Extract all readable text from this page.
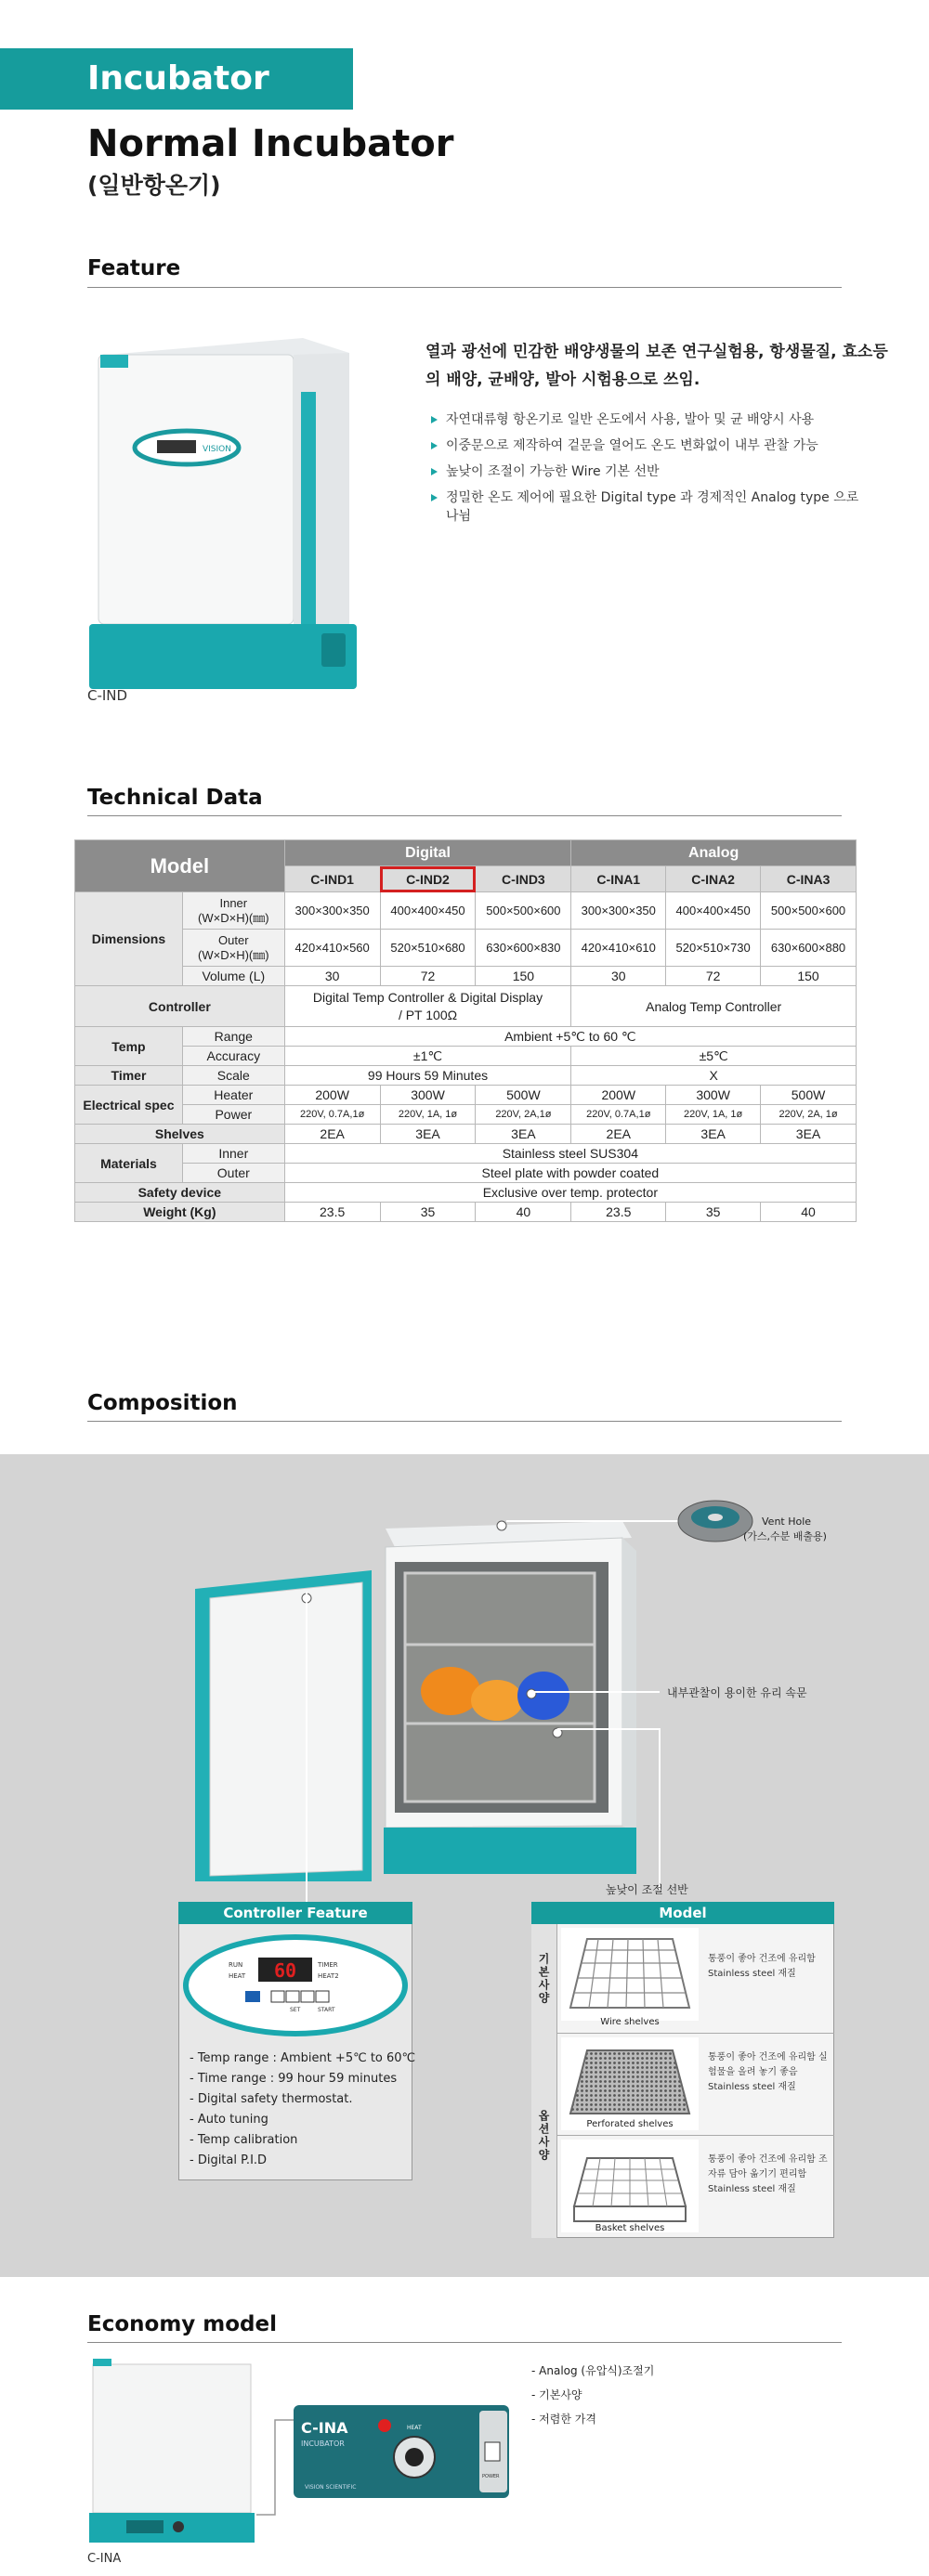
Incubator
Normal Incubator
(일반항온기)
Feature
VISION
C-IND
열과 광선에 민감한 배양생물의 보존 연구실험용, 항생물질, 효소등의 배양, 균배양, 발아 시험용으로 쓰임.
자연대류형 항온기로 일반 온도에서 사용, 발아 및 균 배양시 사용
이중문으로 제작하여 겉문을 열어도 온도 변화없이 내부 관찰 가능
높낮이 조절이 가능한 Wire 기본 선반
정밀한 온도 제어에 필요한 Digital type 과 경제적인 Analog type 으로 나뉨
Technical Data
Model		Digital			Analog		
		C-IND1	C-IND2	C-IND3	C-INA1	C-INA2	C-INA3
Dimensions	Inner
(W×D×H)(㎜)	300×300×350	400×400×450	500×500×600	300×300×350	400×400×450	500×500×600
	Outer
(W×D×H)(㎜)	420×410×560	520×510×680	630×600×830	420×410×610	520×510×730	630×600×880
	Volume (L)	30	72	150	30	72	150
Controller		Digital Temp Controller & Digital Display
/ PT 100Ω			Analog Temp Controller		
Temp	Range	Ambient +5℃ to 60 ℃					
	Accuracy	±1℃			±5℃		
Timer	Scale	99 Hours 59 Minutes			X		
Electrical spec	Heater	200W	300W	500W	200W	300W	500W
	Power	220V, 0.7A,1ø	220V, 1A, 1ø	220V, 2A,1ø	220V, 0.7A,1ø	220V, 1A, 1ø	220V, 2A, 1ø
Shelves		2EA	3EA	3EA	2EA	3EA	3EA
Materials	Inner	Stainless steel SUS304					
	Outer	Steel plate with powder coated					
Safety device		Exclusive over temp. protector					
Weight (Kg)		23.5	35	40	23.5	35	40
Composition
Vent Hole
(가스,수분 배출용)
내부관찰이 용이한 유리 속문
높낮이 조절 선반
Controller Feature
60
RUN
HEAT
TIMER
HEAT2
SET	START
- Temp range : Ambient +5℃ to 60℃
- Time range : 99 hour 59 minutes
- Digital safety thermostat.
- Auto tuning
- Temp calibration
- Digital P.I.D
Model
기본사양
옵션사양
Wire shelves
통풍이 좋아 건조에 유리함 Stainless steel 재질
Perforated shelves
통풍이 좋아 건조에 유리함 실험물을 올려 놓기 좋음 Stainless steel 재질
Basket shelves
통풍이 좋아 건조에 유리함 조자류 담아 옮기기 편리함 Stainless steel 재질
Economy model
C-INA
INCUBATOR
VISION SCIENTIFIC
HEAT
POWER
C-INA
- Analog (유압식)조절기
- 기본사양
- 저렴한 가격
